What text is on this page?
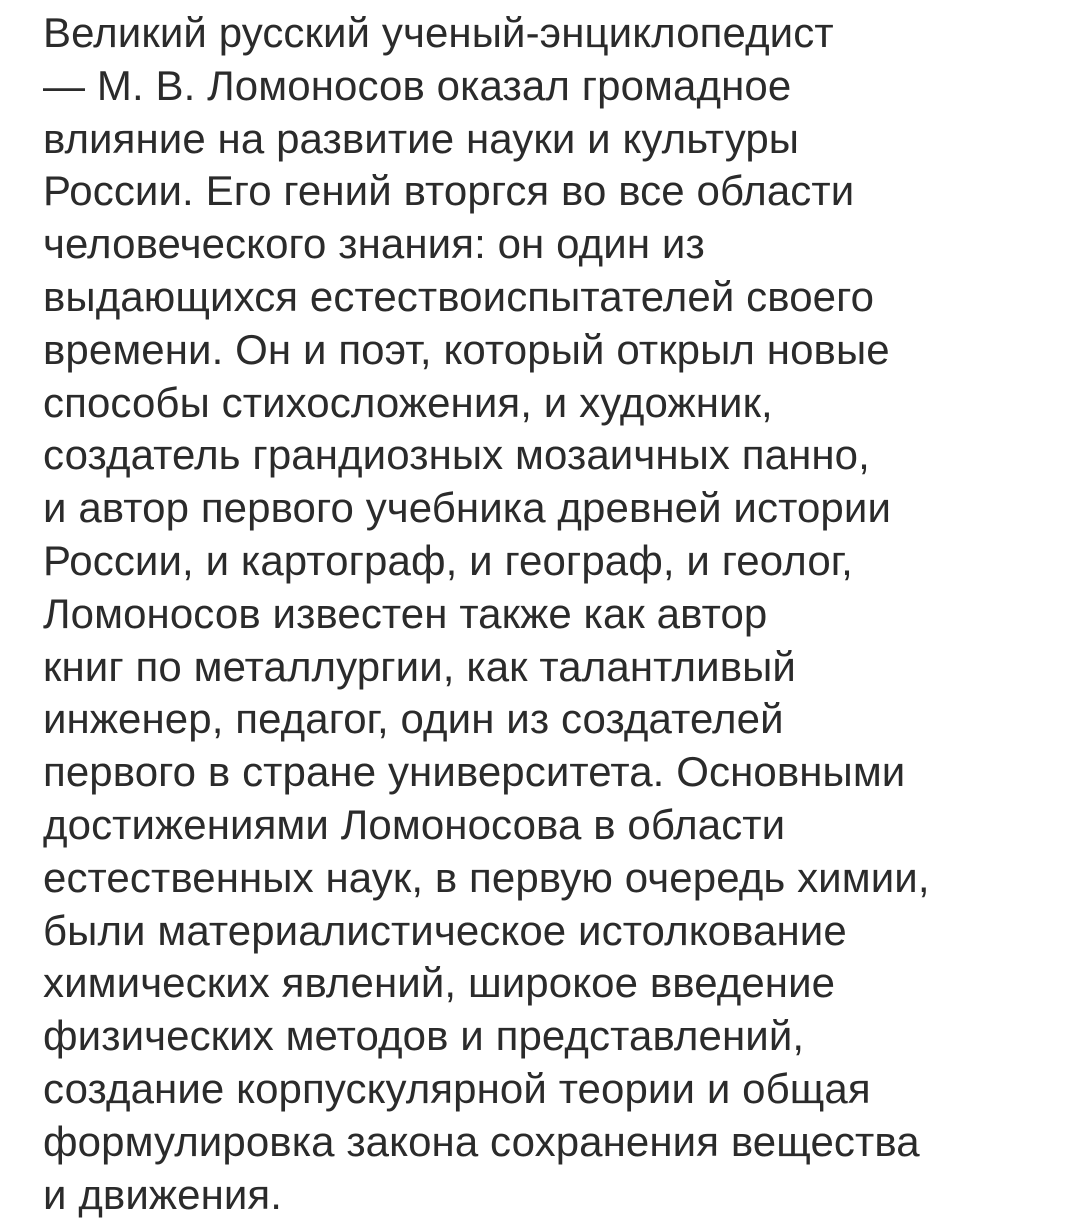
Великий русский ученый-энциклопедист
— М. В. Ломоносов оказал громадное
влияние на развитие науки и культуры
России. Его гений вторгся во все области
человеческого знания: он один из
выдающихся естествоиспытателей своего
времени. Он и поэт, который открыл новые
способы стихосложения, и художник,
создатель грандиозных мозаичных панно,
и автор первого учебника древней истории
России, и картограф, и географ, и геолог,
Ломоносов известен также как автор
книг по металлургии, как талантливый
инженер, педагог, один из создателей
первого в стране университета. Основными
достижениями Ломоносова в области
естественных наук, в первую очередь химии,
были материалистическое истолкование
химических явлений, широкое введение
физических методов и представлений,
создание корпускулярной теории и общая
формулировка закона сохранения вещества
и движения.
